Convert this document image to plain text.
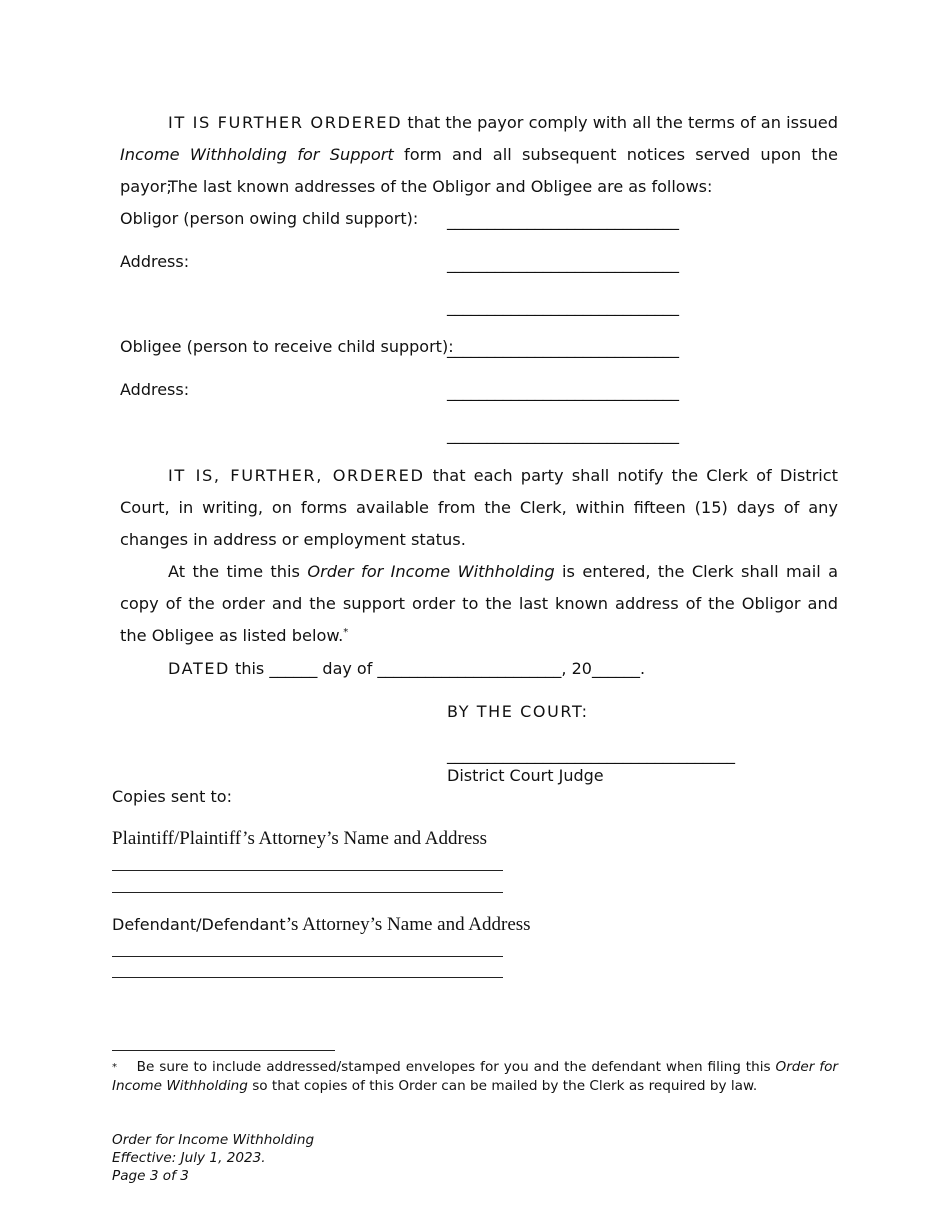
IT IS FURTHER ORDERED that the payor comply with all the terms of an issued Income Withholding for Support form and all subsequent notices served upon the payor;
The last known addresses of the Obligor and Obligee are as follows:
Obligor (person owing child support): _____________________________
Address:	_____________________________
_____________________________
Obligee (person to receive child support):
_____________________________
Address:	_____________________________
_____________________________
IT IS, FURTHER, ORDERED that each party shall notify the Clerk of District Court, in writing, on forms available from the Clerk, within fifteen (15) days of any changes in address or employment status.
At the time this Order for Income Withholding is entered, the Clerk shall mail a copy of the order and the support order to the last known address of the Obligor and the Obligee as listed below.*
DATED this ______ day of _______________________, 20______.
BY THE COURT:
____________________________________
District Court Judge
Copies sent to:
Plaintiff/Plaintiff’s Attorney’s Name and Address
Defendant/Defendant’s Attorney’s Name and Address
* Be sure to include addressed/stamped envelopes for you and the defendant when filing this Order for Income Withholding so that copies of this Order can be mailed by the Clerk as required by law.
Order for Income Withholding
Effective: July 1, 2023.
Page 3 of 3
